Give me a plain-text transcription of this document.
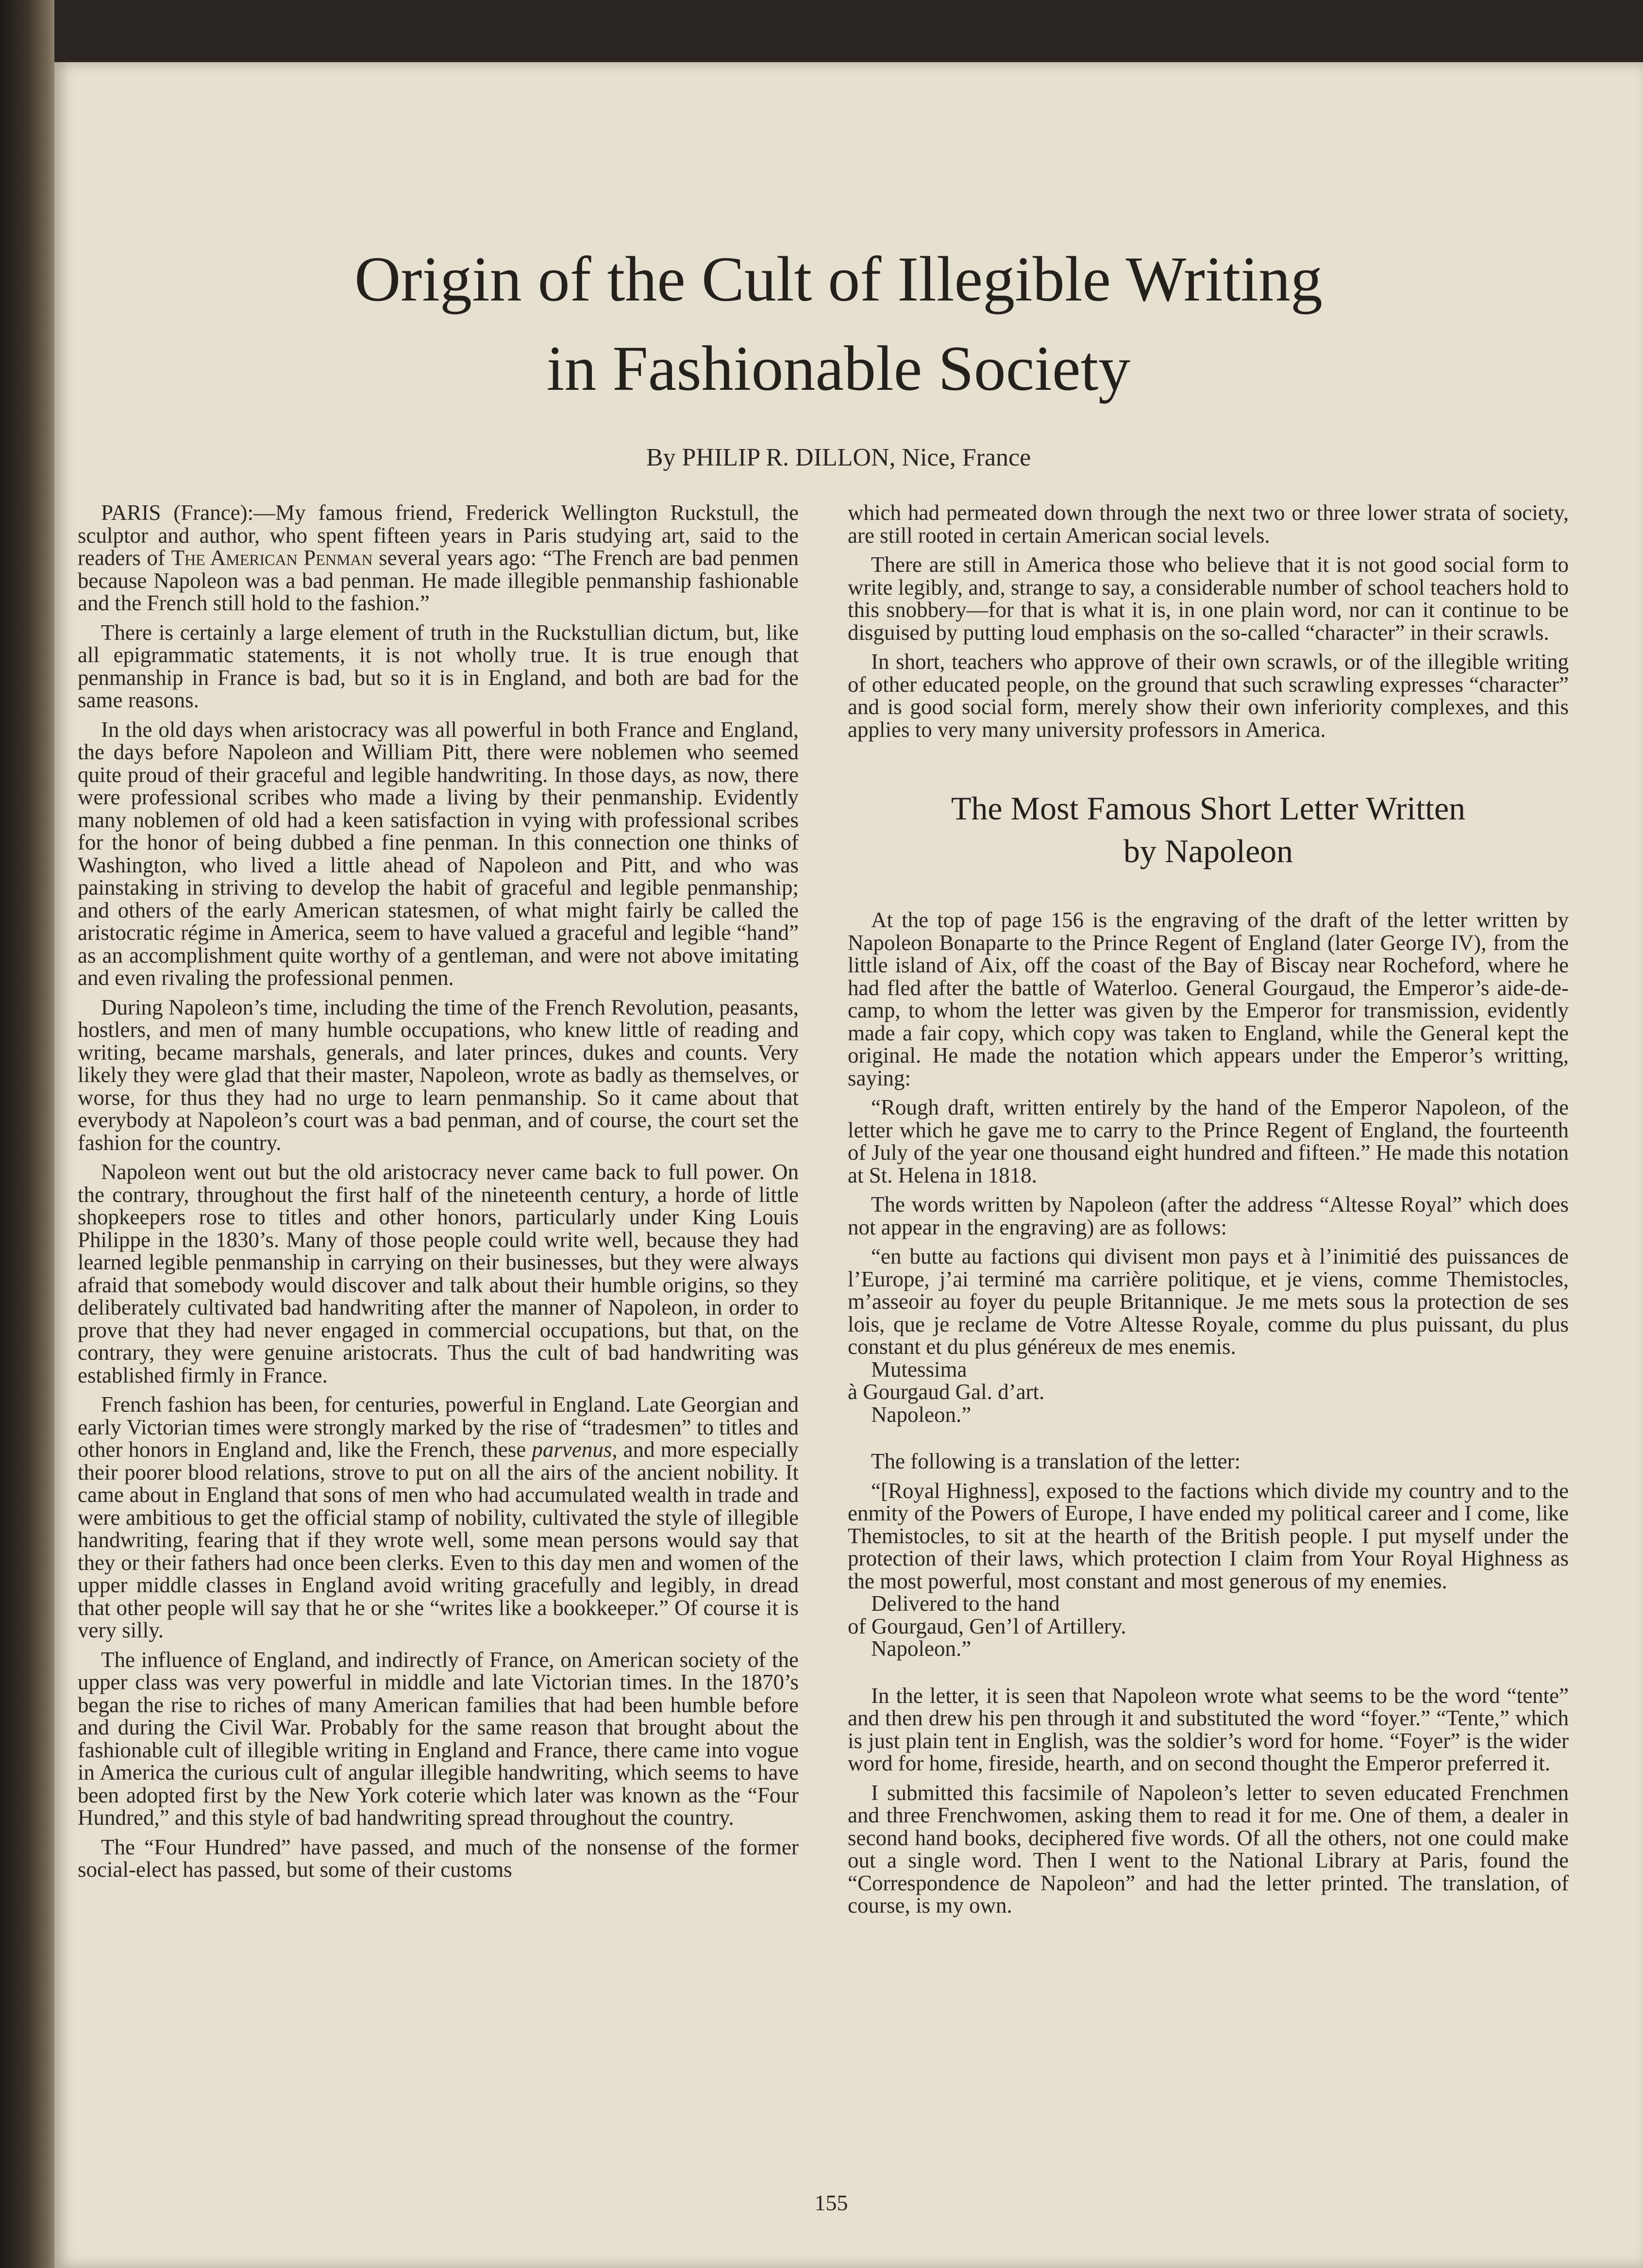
Origin of the Cult of Illegible Writing
in Fashionable Society
By PHILIP R. DILLON, Nice, France

PARIS (France):—My famous friend, Frederick Wellington Ruckstull, the sculptor and author, who spent fifteen years in Paris studying art, said to the readers of The American Penman several years ago: “The French are bad penmen because Napoleon was a bad penman. He made illegible penmanship fashionable and the French still hold to the fashion.”

There is certainly a large element of truth in the Ruckstullian dictum, but, like all epigrammatic statements, it is not wholly true. It is true enough that penmanship in France is bad, but so it is in England, and both are bad for the same reasons.

In the old days when aristocracy was all powerful in both France and England, the days before Napoleon and William Pitt, there were noblemen who seemed quite proud of their graceful and legible handwriting. In those days, as now, there were professional scribes who made a living by their penmanship. Evidently many noblemen of old had a keen satisfaction in vying with professional scribes for the honor of being dubbed a fine penman. In this connection one thinks of Washington, who lived a little ahead of Napoleon and Pitt, and who was painstaking in striving to develop the habit of graceful and legible penmanship; and others of the early American statesmen, of what might fairly be called the aristocratic régime in America, seem to have valued a graceful and legible “hand” as an accomplishment quite worthy of a gentleman, and were not above imitating and even rivaling the professional penmen.

During Napoleon’s time, including the time of the French Revolution, peasants, hostlers, and men of many humble occupations, who knew little of reading and writing, became marshals, generals, and later princes, dukes and counts. Very likely they were glad that their master, Napoleon, wrote as badly as themselves, or worse, for thus they had no urge to learn penmanship. So it came about that everybody at Napoleon’s court was a bad penman, and of course, the court set the fashion for the country.

Napoleon went out but the old aristocracy never came back to full power. On the contrary, throughout the first half of the nineteenth century, a horde of little shopkeepers rose to titles and other honors, particularly under King Louis Philippe in the 1830’s. Many of those people could write well, because they had learned legible penmanship in carrying on their businesses, but they were always afraid that somebody would discover and talk about their humble origins, so they deliberately cultivated bad handwriting after the manner of Napoleon, in order to prove that they had never engaged in commercial occupations, but that, on the contrary, they were genuine aristocrats. Thus the cult of bad handwriting was established firmly in France.

French fashion has been, for centuries, powerful in England. Late Georgian and early Victorian times were strongly marked by the rise of “tradesmen” to titles and other honors in England and, like the French, these parvenus, and more especially their poorer blood relations, strove to put on all the airs of the ancient nobility. It came about in England that sons of men who had accumulated wealth in trade and were ambitious to get the official stamp of nobility, cultivated the style of illegible handwriting, fearing that if they wrote well, some mean persons would say that they or their fathers had once been clerks. Even to this day men and women of the upper middle classes in England avoid writing gracefully and legibly, in dread that other people will say that he or she “writes like a bookkeeper.” Of course it is very silly.

The influence of England, and indirectly of France, on American society of the upper class was very powerful in middle and late Victorian times. In the 1870’s began the rise to riches of many American families that had been humble before and during the Civil War. Probably for the same reason that brought about the fashionable cult of illegible writing in England and France, there came into vogue in America the curious cult of angular illegible handwriting, which seems to have been adopted first by the New York coterie which later was known as the “Four Hundred,” and this style of bad handwriting spread throughout the country.

The “Four Hundred” have passed, and much of the nonsense of the former social-elect has passed, but some of their customs

which had permeated down through the next two or three lower strata of society, are still rooted in certain American social levels.

There are still in America those who believe that it is not good social form to write legibly, and, strange to say, a considerable number of school teachers hold to this snobbery—for that is what it is, in one plain word, nor can it continue to be disguised by putting loud emphasis on the so-called “character” in their scrawls.

In short, teachers who approve of their own scrawls, or of the illegible writing of other educated people, on the ground that such scrawling expresses “character” and is good social form, merely show their own inferiority complexes, and this applies to very many university professors in America.

The Most Famous Short Letter Written
by Napoleon

At the top of page 156 is the engraving of the draft of the letter written by Napoleon Bonaparte to the Prince Regent of England (later George IV), from the little island of Aix, off the coast of the Bay of Biscay near Rocheford, where he had fled after the battle of Waterloo. General Gourgaud, the Emperor’s aide-de-camp, to whom the letter was given by the Emperor for transmission, evidently made a fair copy, which copy was taken to England, while the General kept the original. He made the notation which appears under the Emperor’s writting, saying:

“Rough draft, written entirely by the hand of the Emperor Napoleon, of the letter which he gave me to carry to the Prince Regent of England, the fourteenth of July of the year one thousand eight hundred and fifteen.” He made this notation at St. Helena in 1818.

The words written by Napoleon (after the address “Altesse Royal” which does not appear in the engraving) are as follows:

“en butte au factions qui divisent mon pays et à l’inimitié des puissances de l’Europe, j’ai terminé ma carrière politique, et je viens, comme Themistocles, m’asseoir au foyer du peuple Britannique. Je me mets sous la protection de ses lois, que je reclame de Votre Altesse Royale, comme du plus puissant, du plus constant et du plus généreux de mes enemis.

Mutessima

à Gourgaud Gal. d’art.

Napoleon.”

The following is a translation of the letter:

“[Royal Highness], exposed to the factions which divide my country and to the enmity of the Powers of Europe, I have ended my political career and I come, like Themistocles, to sit at the hearth of the British people. I put myself under the protection of their laws, which protection I claim from Your Royal Highness as the most powerful, most constant and most generous of my enemies.

Delivered to the hand

of Gourgaud, Gen’l of Artillery.

Napoleon.”

In the letter, it is seen that Napoleon wrote what seems to be the word “tente” and then drew his pen through it and substituted the word “foyer.” “Tente,” which is just plain tent in English, was the soldier’s word for home. “Foyer” is the wider word for home, fireside, hearth, and on second thought the Emperor preferred it.

I submitted this facsimile of Napoleon’s letter to seven educated Frenchmen and three Frenchwomen, asking them to read it for me. One of them, a dealer in second hand books, deciphered five words. Of all the others, not one could make out a single word. Then I went to the National Library at Paris, found the “Correspondence de Napoleon” and had the letter printed. The translation, of course, is my own.

155
